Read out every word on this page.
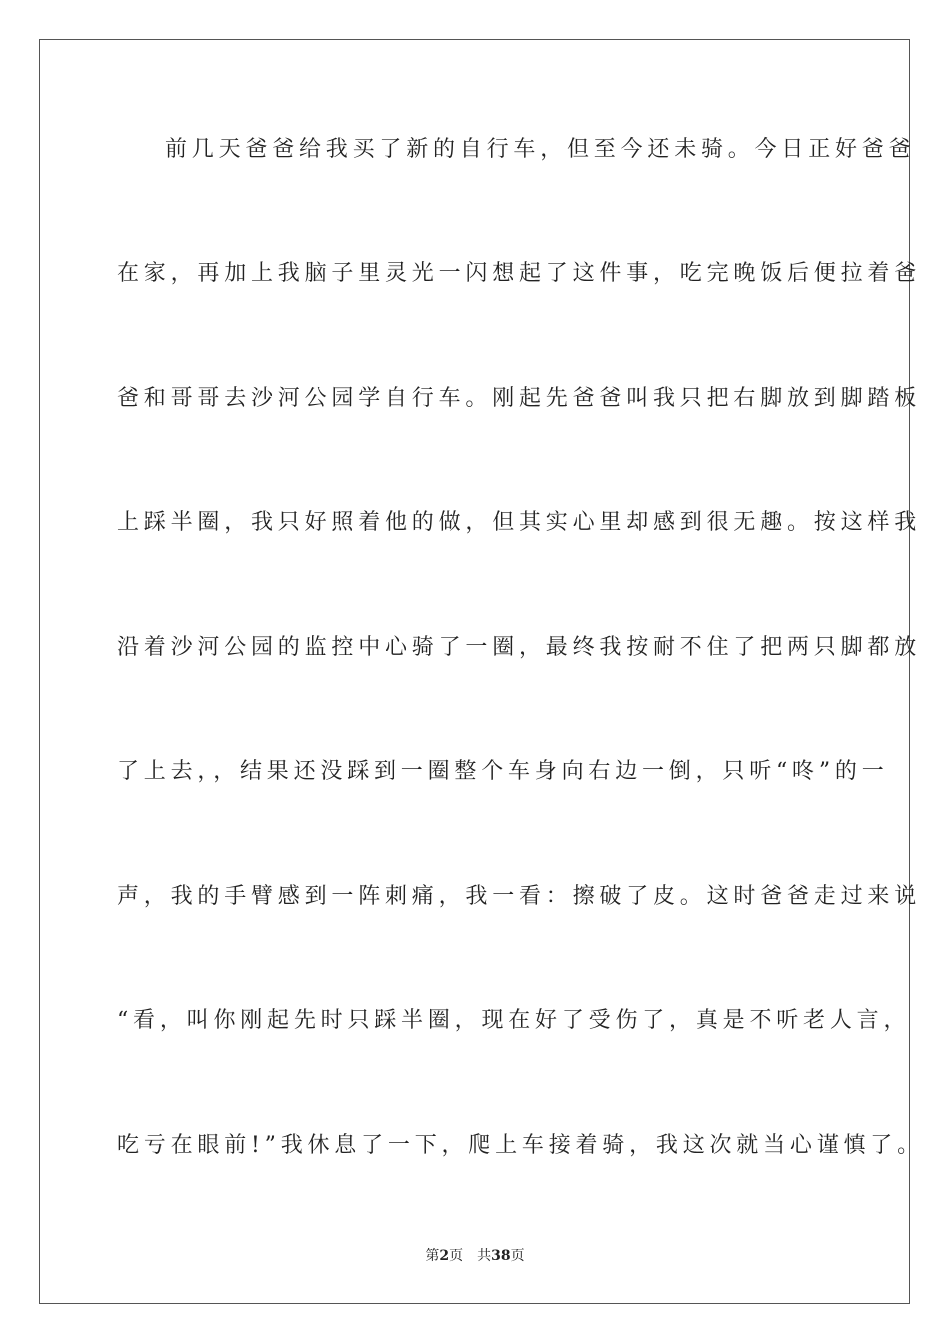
前几天爸爸给我买了新的自行车，但至今还未骑。今日正好爸爸
在家，再加上我脑子里灵光一闪想起了这件事，吃完晚饭后便拉着爸
爸和哥哥去沙河公园学自行车。刚起先爸爸叫我只把右脚放到脚踏板
上踩半圈，我只好照着他的做，但其实心里却感到很无趣。按这样我
沿着沙河公园的监控中心骑了一圈，最终我按耐不住了把两只脚都放
了上去，，结果还没踩到一圈整个车身向右边一倒，只听“咚”的一
声，我的手臂感到一阵刺痛，我一看：擦破了皮。这时爸爸走过来说
“看，叫你刚起先时只踩半圈，现在好了受伤了，真是不听老人言，
吃亏在眼前!”我休息了一下，爬上车接着骑，我这次就当心谨慎了。
第2页 共38页
